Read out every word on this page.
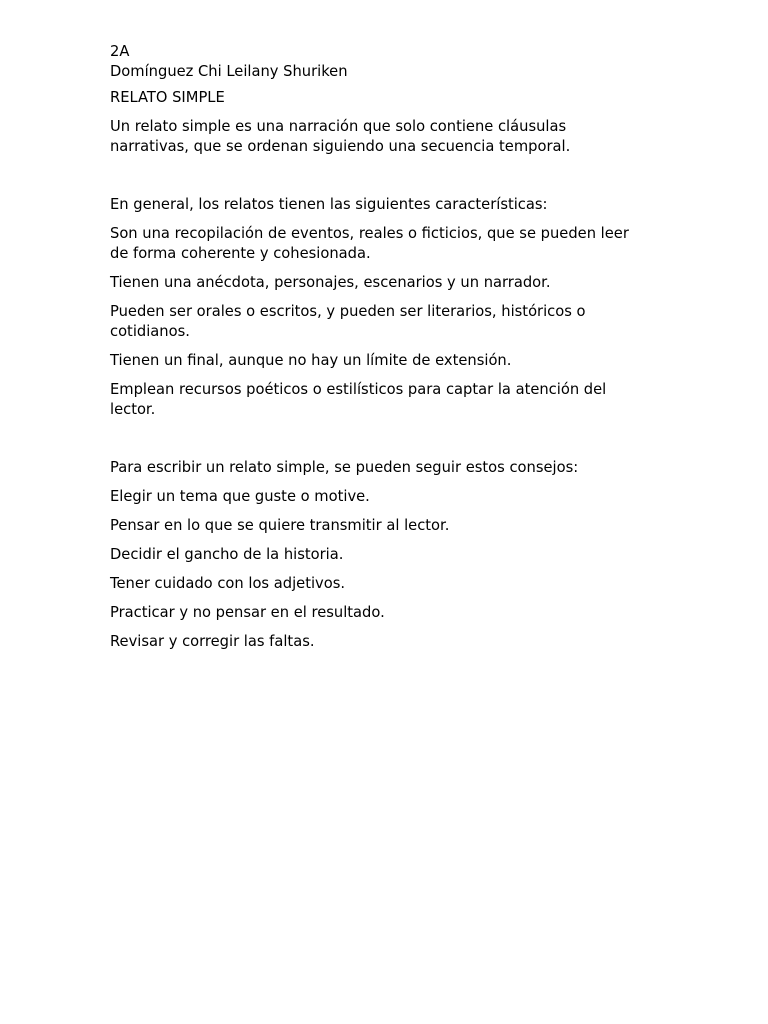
2A

Domínguez Chi Leilany Shuriken

RELATO SIMPLE

Un relato simple es una narración que solo contiene cláusulas

narrativas, que se ordenan siguiendo una secuencia temporal.

En general, los relatos tienen las siguientes características:

Son una recopilación de eventos, reales o ficticios, que se pueden leer

de forma coherente y cohesionada.

Tienen una anécdota, personajes, escenarios y un narrador.

Pueden ser orales o escritos, y pueden ser literarios, históricos o

cotidianos.

Tienen un final, aunque no hay un límite de extensión.

Emplean recursos poéticos o estilísticos para captar la atención del

lector.

Para escribir un relato simple, se pueden seguir estos consejos:

Elegir un tema que guste o motive.

Pensar en lo que se quiere transmitir al lector.

Decidir el gancho de la historia.

Tener cuidado con los adjetivos.

Practicar y no pensar en el resultado.

Revisar y corregir las faltas.
